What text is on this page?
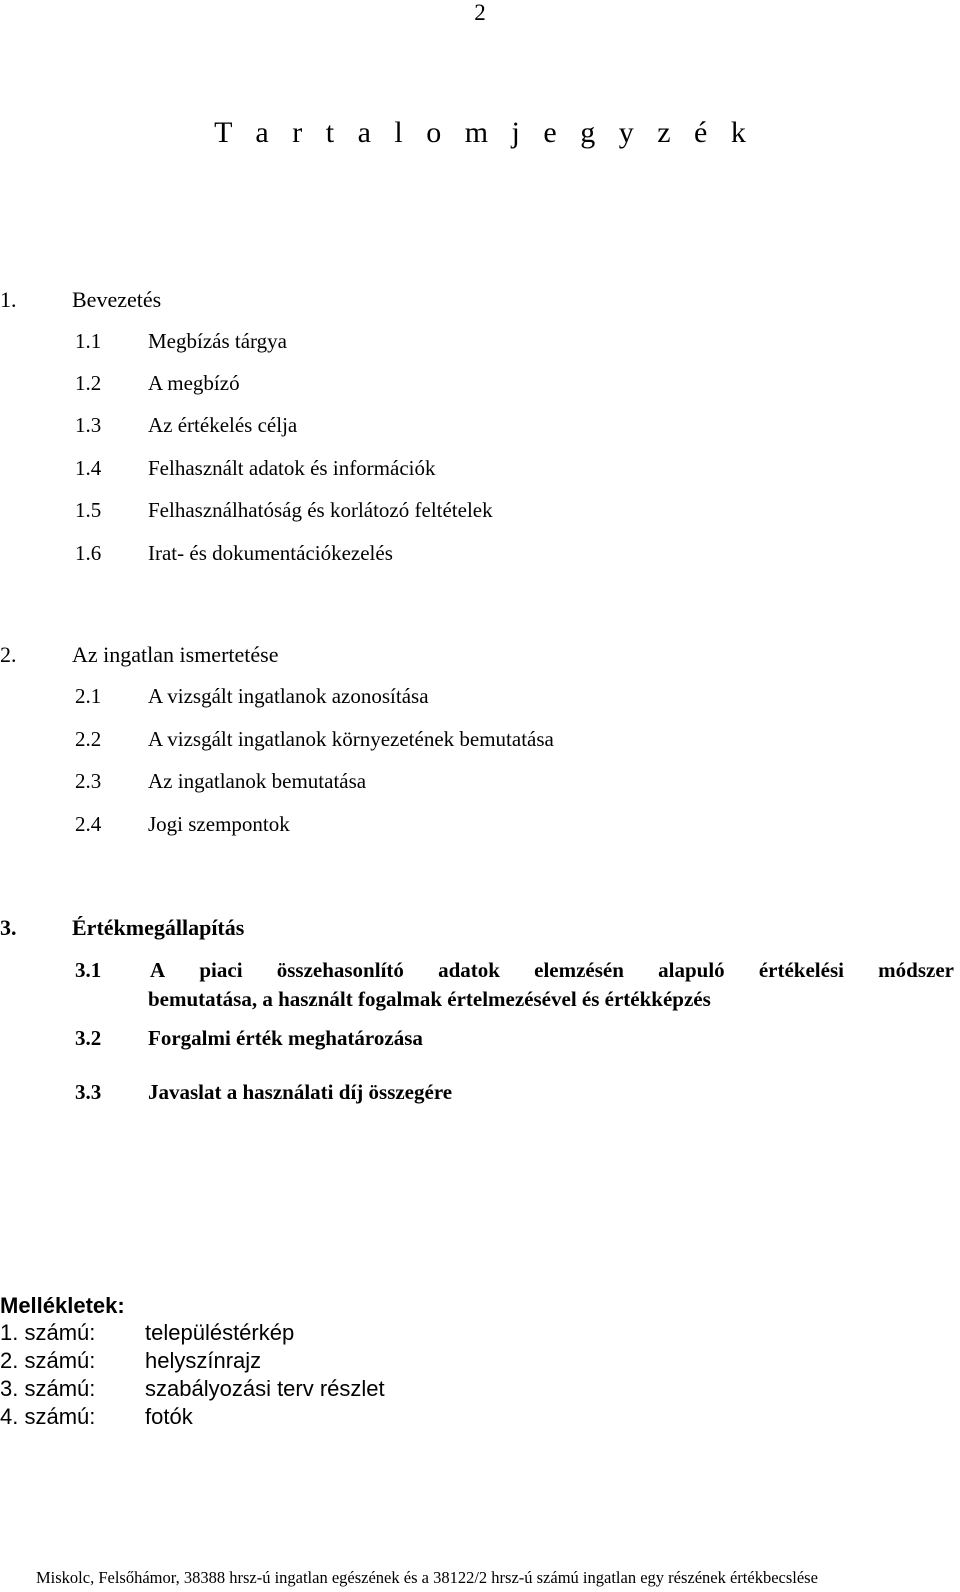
2
T a r t a l o m j e g y z é k
1.	Bevezetés
1.1 Megbízás tárgya
1.2 A megbízó
1.3 Az értékelés célja
1.4 Felhasznált adatok és információk
1.5 Felhasználhatóság és korlátozó feltételek
1.6 Irat- és dokumentációkezelés
2.	Az ingatlan ismertetése
2.1 A vizsgált ingatlanok azonosítása
2.2 A vizsgált ingatlanok környezetének bemutatása
2.3 Az ingatlanok bemutatása
2.4 Jogi szempontok
3.	Értékmegállapítás
3.1 A piaci összehasonlító adatok elemzésén alapuló értékelési módszer
bemutatása, a használt fogalmak értelmezésével és értékképzés
3.2 Forgalmi érték meghatározása
3.3 Javaslat a használati díj összegére
Mellékletek:
1. számú: településtérkép
2. számú: helyszínrajz
3. számú: szabályozási terv részlet
4. számú: fotók
Miskolc, Felsőhámor, 38388 hrsz-ú ingatlan egészének és a 38122/2 hrsz-ú számú ingatlan egy részének értékbecslése
